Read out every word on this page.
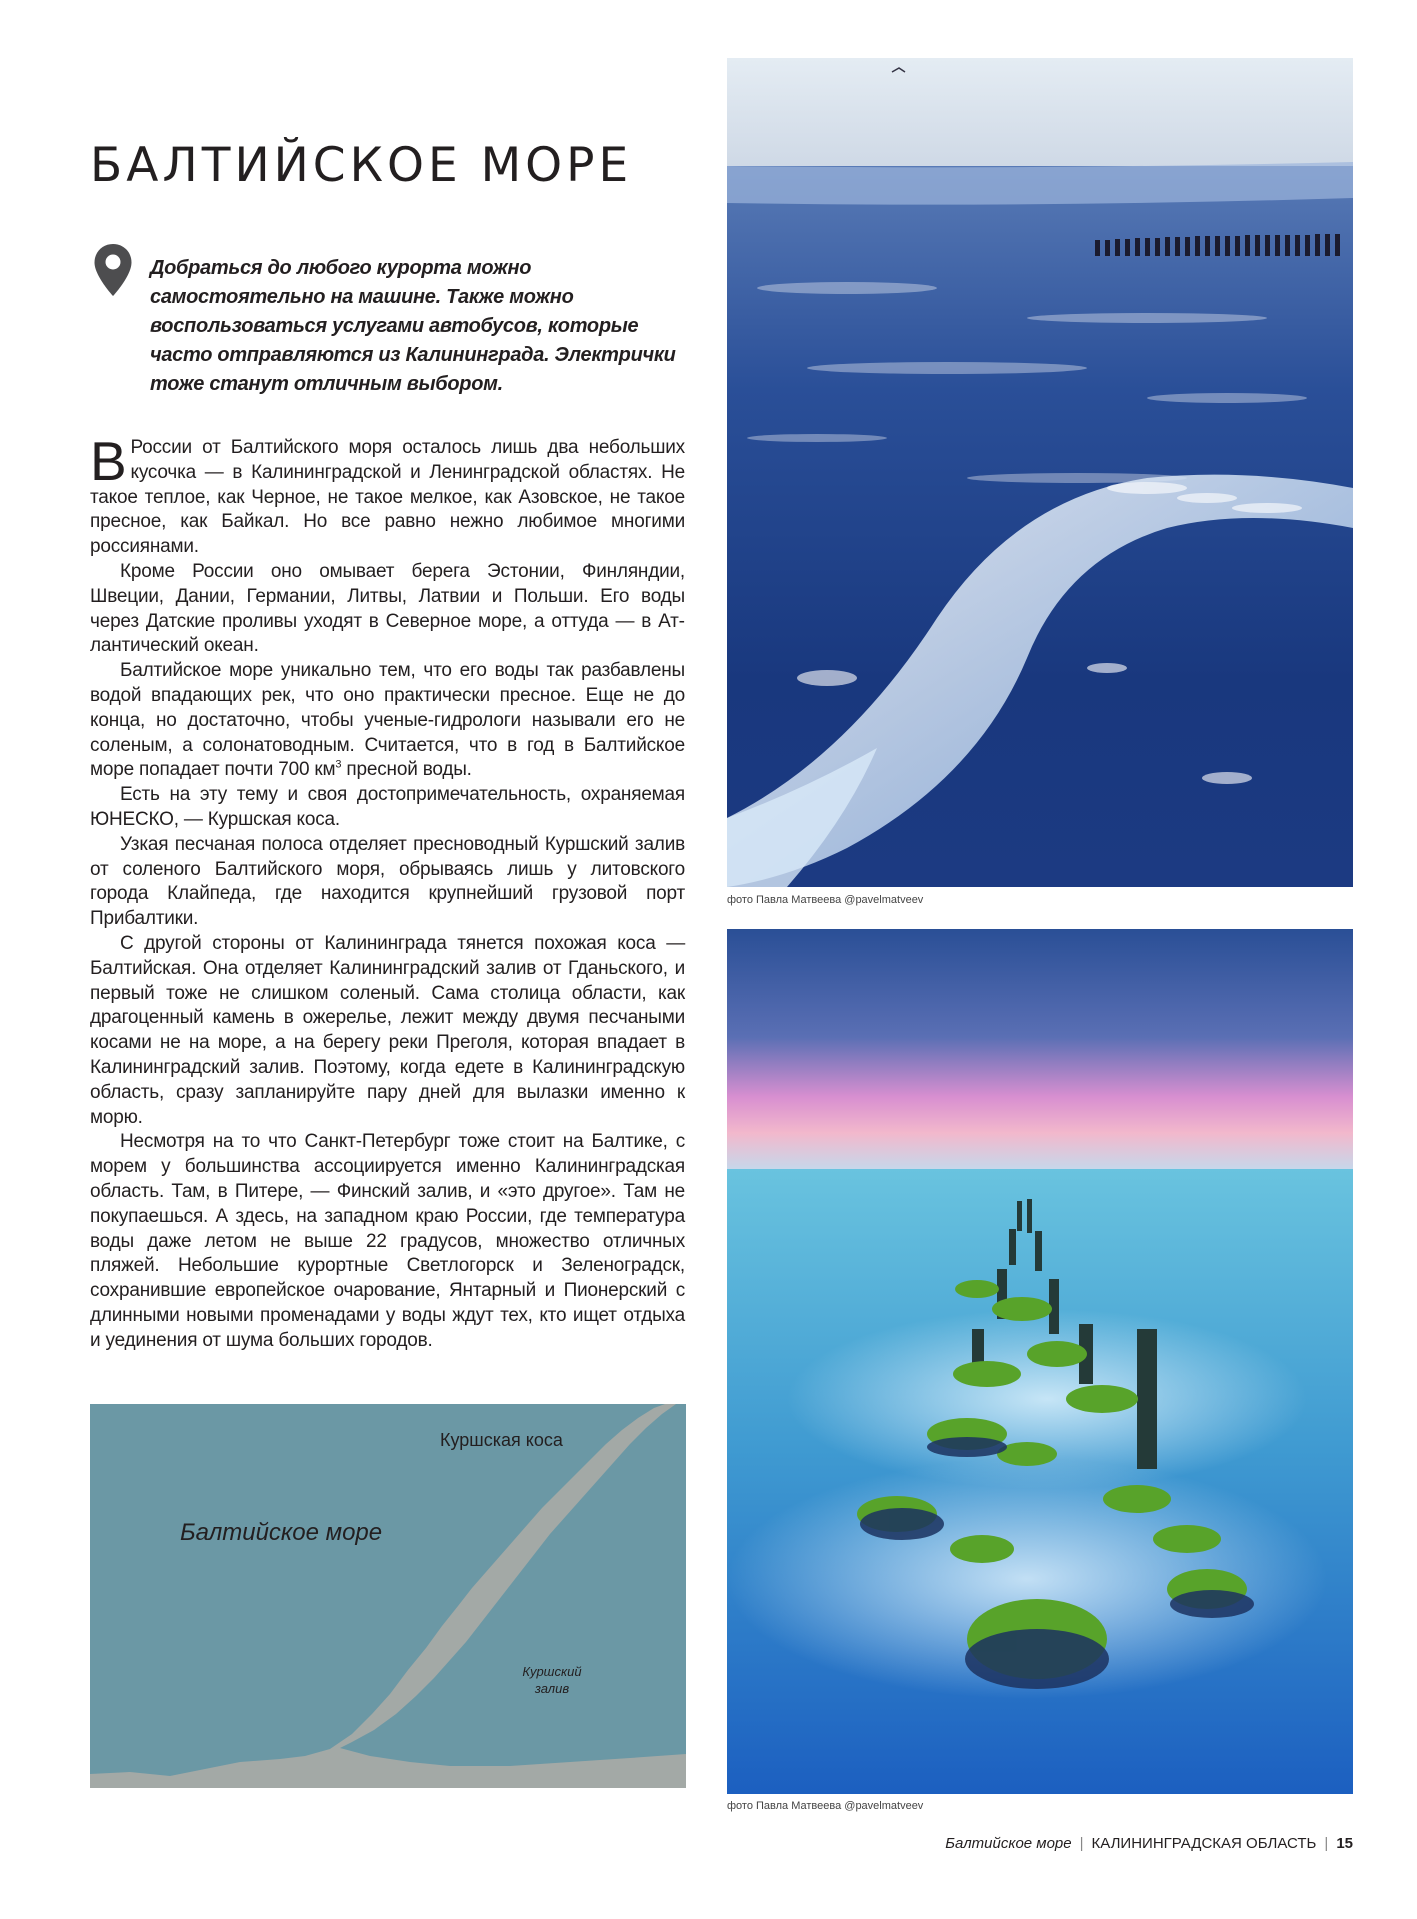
БАЛТИЙСКОЕ МОРЕ

Добраться до любого курорта можно самостоятельно на машине. Также можно воспользоваться услугами автобусов, которые часто отправляются из Калининграда. Электрички тоже станут отличным выбором.

В России от Балтийского моря осталось лишь два небольших кусочка — в Калининградской и Ленинградской областях. Не такое теплое, как Черное, не такое мелкое, как Азовское, не такое пресное, как Байкал. Но все равно нежно любимое многими россиянами.

Кроме России оно омывает берега Эстонии, Финляндии, Швеции, Дании, Германии, Литвы, Латвии и Польши. Его воды через Датские проливы уходят в Северное море, а оттуда — в Атлантический океан.

Балтийское море уникально тем, что его воды так разбавлены водой впадающих рек, что оно практически пресное. Еще не до конца, но достаточно, чтобы ученые-гидрологи называли его не соленым, а солонатоводным. Считается, что в год в Балтийское море попадает почти 700 $км^3$ пресной воды.

Есть на эту тему и своя достопримечательность, охраняемая ЮНЕСКО, — Куршская коса.

Узкая песчаная полоса отделяет пресноводный Куршский залив от соленого Балтийского моря, обрываясь лишь у литовского города Клайпеда, где находится крупнейший грузовой порт Прибалтики.

С другой стороны от Калининграда тянется похожая коса — Балтийская. Она отделяет Калининградский залив от Гданьского, и первый тоже не слишком соленый. Сама столица области, как драгоценный камень в ожерелье, лежит между двумя песчаными косами не на море, а на берегу реки Преголя, которая впадает в Калининградский залив. Поэтому, когда едете в Калининградскую область, сразу запланируйте пару дней для вылазки именно к морю.

Несмотря на то что Санкт-Петербург тоже стоит на Балтике, с морем у большинства ассоциируется именно Калининградская область. Там, в Питере, — Финский залив, и «это другое». Там не покупаешься. А здесь, на западном краю России, где температура воды даже летом не выше 22 градусов, множество отличных пляжей. Небольшие курортные Светлогорск и Зеленоградск, сохранившие европейское очарование, Янтарный и Пионерский с длинными новыми променадами у воды ждут тех, кто ищет отдыха и уединения от шума больших городов.

Куршская коса
Балтийское море
Куршский
залив
фото Павла Матвеева @pavelmatveev
фото Павла Матвеева @pavelmatveev
Балтийское море | КАЛИНИНГРАДСКАЯ ОБЛАСТЬ | 15
